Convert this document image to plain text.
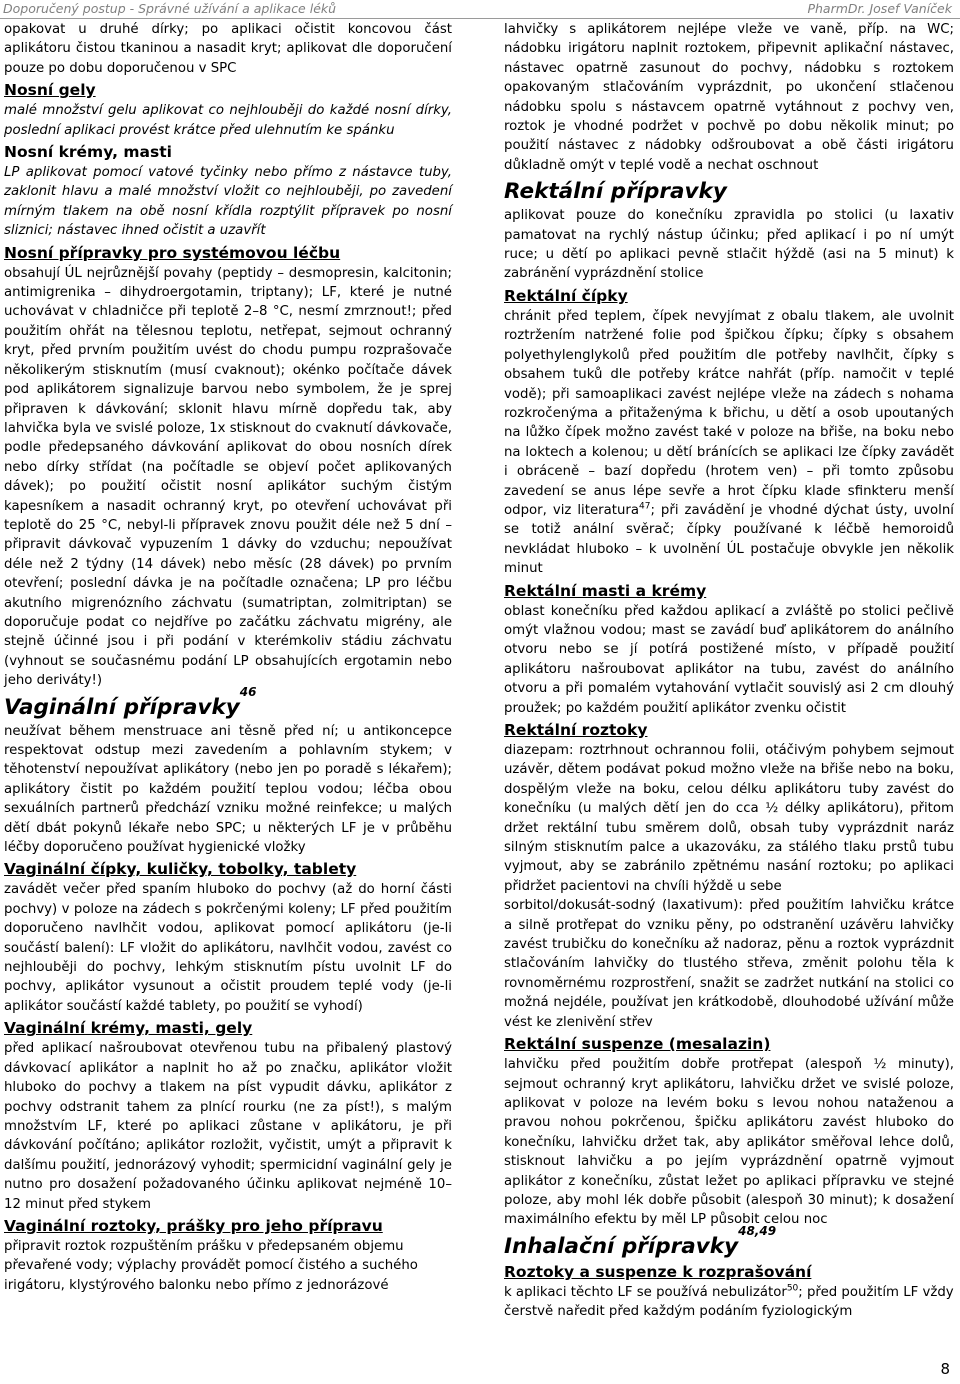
Doporučený postup - Správné užívání a aplikace léků	PharmDr. Josef Vaníček

opakovat u druhé dírky; po aplikaci očistit koncovou část aplikátoru čistou tkaninou a nasadit kryt; aplikovat dle doporučení pouze po dobu doporučenou v SPC

Nosní gely

malé množství gelu aplikovat co nejhlouběji do každé nosní dírky, poslední aplikaci provést krátce před ulehnutím ke spánku

Nosní krémy, masti

LP aplikovat pomocí vatové tyčinky nebo přímo z nástavce tuby, zaklonit hlavu a malé množství vložit co nejhlouběji, po zavedení mírným tlakem na obě nosní křídla rozptýlit přípravek po nosní sliznici; nástavec ihned očistit a uzavřít

Nosní přípravky pro systémovou léčbu

obsahují ÚL nejrůznější povahy (peptidy – desmopresin, kalcitonin; antimigrenika – dihydroergotamin, triptany); LF, které je nutné uchovávat v chladničce při teplotě 2–8 °C, nesmí zmrznout!; před použitím ohřát na tělesnou teplotu, netřepat, sejmout ochranný kryt, před prvním použitím uvést do chodu pumpu rozprašovače několikerým stisknutím (musí cvaknout); okénko počítače dávek pod aplikátorem signalizuje barvou nebo symbolem, že je sprej připraven k dávkování; sklonit hlavu mírně dopředu tak, aby lahvička byla ve svislé poloze, 1x stisknout do cvaknutí dávkovače, podle předepsaného dávkování aplikovat do obou nosních dírek nebo dírky střídat (na počítadle se objeví počet aplikovaných dávek); po použití očistit nosní aplikátor suchým čistým kapesníkem a nasadit ochranný kryt, po otevření uchovávat při teplotě do 25 °C, nebyl-li přípravek znovu použit déle než 5 dní – připravit dávkovač vypuzením 1 dávky do vzduchu; nepoužívat déle než 2 týdny (14 dávek) nebo měsíc (28 dávek) po prvním otevření; poslední dávka je na počítadle označena; LP pro léčbu akutního migrenózního záchvatu (sumatriptan, zolmitriptan) se doporučuje podat co nejdříve po začátku záchvatu migrény, ale stejně účinné jsou i při podání v kterémkoliv stádiu záchvatu (vyhnout se současnému podání LP obsahujících ergotamin nebo jeho deriváty!)

Vaginální přípravky$^{46}$

neužívat během menstruace ani těsně před ní; u antikoncepce respektovat odstup mezi zavedením a pohlavním stykem; v těhotenství nepoužívat aplikátory (nebo jen po poradě s lékařem); aplikátory čistit po každém použití teplou vodou; léčba obou sexuálních partnerů předchází vzniku možné reinfekce; u malých dětí dbát pokynů lékaře nebo SPC; u některých LF je v průběhu léčby doporučeno používat hygienické vložky

Vaginální čípky, kuličky, tobolky, tablety

zavádět večer před spaním hluboko do pochvy (až do horní části pochvy) v poloze na zádech s pokrčenými koleny; LF před použitím doporučeno navlhčit vodou, aplikovat pomocí aplikátoru (je-li součástí balení): LF vložit do aplikátoru, navlhčit vodou, zavést co nejhlouběji do pochvy, lehkým stisknutím pístu uvolnit LF do pochvy, aplikátor vysunout a očistit proudem teplé vody (je-li aplikátor součástí každé tablety, po použití se vyhodí)

Vaginální krémy, masti, gely

před aplikací našroubovat otevřenou tubu na přibalený plastový dávkovací aplikátor a naplnit ho až po značku, aplikátor vložit hluboko do pochvy a tlakem na píst vypudit dávku, aplikátor z pochvy odstranit tahem za plnící rourku (ne za píst!), s malým množstvím LF, které po aplikaci zůstane v aplikátoru, je při dávkování počítáno; aplikátor rozložit, vyčistit, umýt a připravit k dalšímu použití, jednorázový vyhodit; spermicidní vaginální gely je nutno pro dosažení požadovaného účinku aplikovat nejméně 10–12 minut před stykem

Vaginální roztoky, prášky pro jeho přípravu

připravit roztok rozpuštěním prášku v předepsaném objemu převařené vody; výplachy provádět pomocí čistého a suchého irigátoru, klystýrového balonku nebo přímo z jednorázové

lahvičky s aplikátorem nejlépe vleže ve vaně, příp. na WC; nádobku irigátoru naplnit roztokem, připevnit aplikační nástavec, nástavec opatrně zasunout do pochvy, nádobku s roztokem opakovaným stlačováním vyprázdnit, po ukončení stlačenou nádobku spolu s nástavcem opatrně vytáhnout z pochvy ven, roztok je vhodné podržet v pochvě po dobu několik minut; po použití nástavec z nádobky odšroubovat a obě části irigátoru důkladně omýt v teplé vodě a nechat oschnout

Rektální přípravky

aplikovat pouze do konečníku zpravidla po stolici (u laxativ pamatovat na rychlý nástup účinku; před aplikací i po ní umýt ruce; u dětí po aplikaci pevně stlačit hýždě (asi na 5 minut) k zabránění vyprázdnění stolice

Rektální čípky

chránit před teplem, čípek nevyjímat z obalu tlakem, ale uvolnit roztržením natržené folie pod špičkou čípku; čípky s obsahem polyethylenglykolů před použitím dle potřeby navlhčit, čípky s obsahem tuků dle potřeby krátce nahřát (příp. namočit v teplé vodě); při samoaplikaci zavést nejlépe vleže na zádech s nohama rozkročenýma a přitaženýma k břichu, u dětí a osob upoutaných na lůžko čípek možno zavést také v poloze na břiše, na boku nebo na loktech a kolenou; u dětí bránících se aplikaci lze čípky zavádět i obráceně – bazí dopředu (hrotem ven) – při tomto způsobu zavedení se anus lépe sevře a hrot čípku klade sfinkteru menší odpor, viz literatura$^{47}$; při zavádění je vhodné dýchat ústy, uvolní se totiž anální svěrač; čípky používané k léčbě hemoroidů nevkládat hluboko – k uvolnění ÚL postačuje obvykle jen několik minut

Rektální masti a krémy

oblast konečníku před každou aplikací a zvláště po stolici pečlivě omýt vlažnou vodou; mast se zavádí buď aplikátorem do análního otvoru nebo se jí potírá postižené místo, v případě použití aplikátoru našroubovat aplikátor na tubu, zavést do análního otvoru a při pomalém vytahování vytlačit souvislý asi 2 cm dlouhý proužek; po každém použití aplikátor zvenku očistit

Rektální roztoky

diazepam: roztrhnout ochrannou folii, otáčivým pohybem sejmout uzávěr, dětem podávat pokud možno vleže na břiše nebo na boku, dospělým vleže na boku, celou délku aplikátoru tuby zavést do konečníku (u malých dětí jen do cca ½ délky aplikátoru), přitom držet rektální tubu směrem dolů, obsah tuby vyprázdnit naráz silným stisknutím palce a ukazováku, za stálého tlaku prstů tubu vyjmout, aby se zabránilo zpětnému nasání roztoku; po aplikaci přidržet pacientovi na chvíli hýždě u sebe

sorbitol/dokusát-sodný (laxativum): před použitím lahvičku krátce a silně protřepat do vzniku pěny, po odstranění uzávěru lahvičky zavést trubičku do konečníku až nadoraz, pěnu a roztok vyprázdnit stlačováním lahvičky do tlustého střeva, změnit polohu těla k rovnoměrnému rozprostření, snažit se zadržet nutkání na stolici co možná nejdéle, používat jen krátkodobě, dlouhodobé užívání může vést ke zlenivění střev

Rektální suspenze (mesalazin)

lahvičku před použitím dobře protřepat (alespoň ½ minuty), sejmout ochranný kryt aplikátoru, lahvičku držet ve svislé poloze, aplikovat v poloze na levém boku s levou nohou nataženou a pravou nohou pokrčenou, špičku aplikátoru zavést hluboko do konečníku, lahvičku držet tak, aby aplikátor směřoval lehce dolů, stisknout lahvičku a po jejím vyprázdnění opatrně vyjmout aplikátor z konečníku, zůstat ležet po aplikaci přípravku ve stejné poloze, aby mohl lék dobře působit (alespoň 30 minut); k dosažení maximálního efektu by měl LP působit celou noc

Inhalační přípravky$^{48,49}$
Roztoky a suspenze k rozprašování

k aplikaci těchto LF se používá nebulizátor$^{50}$; před použitím LF vždy čerstvě naředit před každým podáním fyziologickým

8
